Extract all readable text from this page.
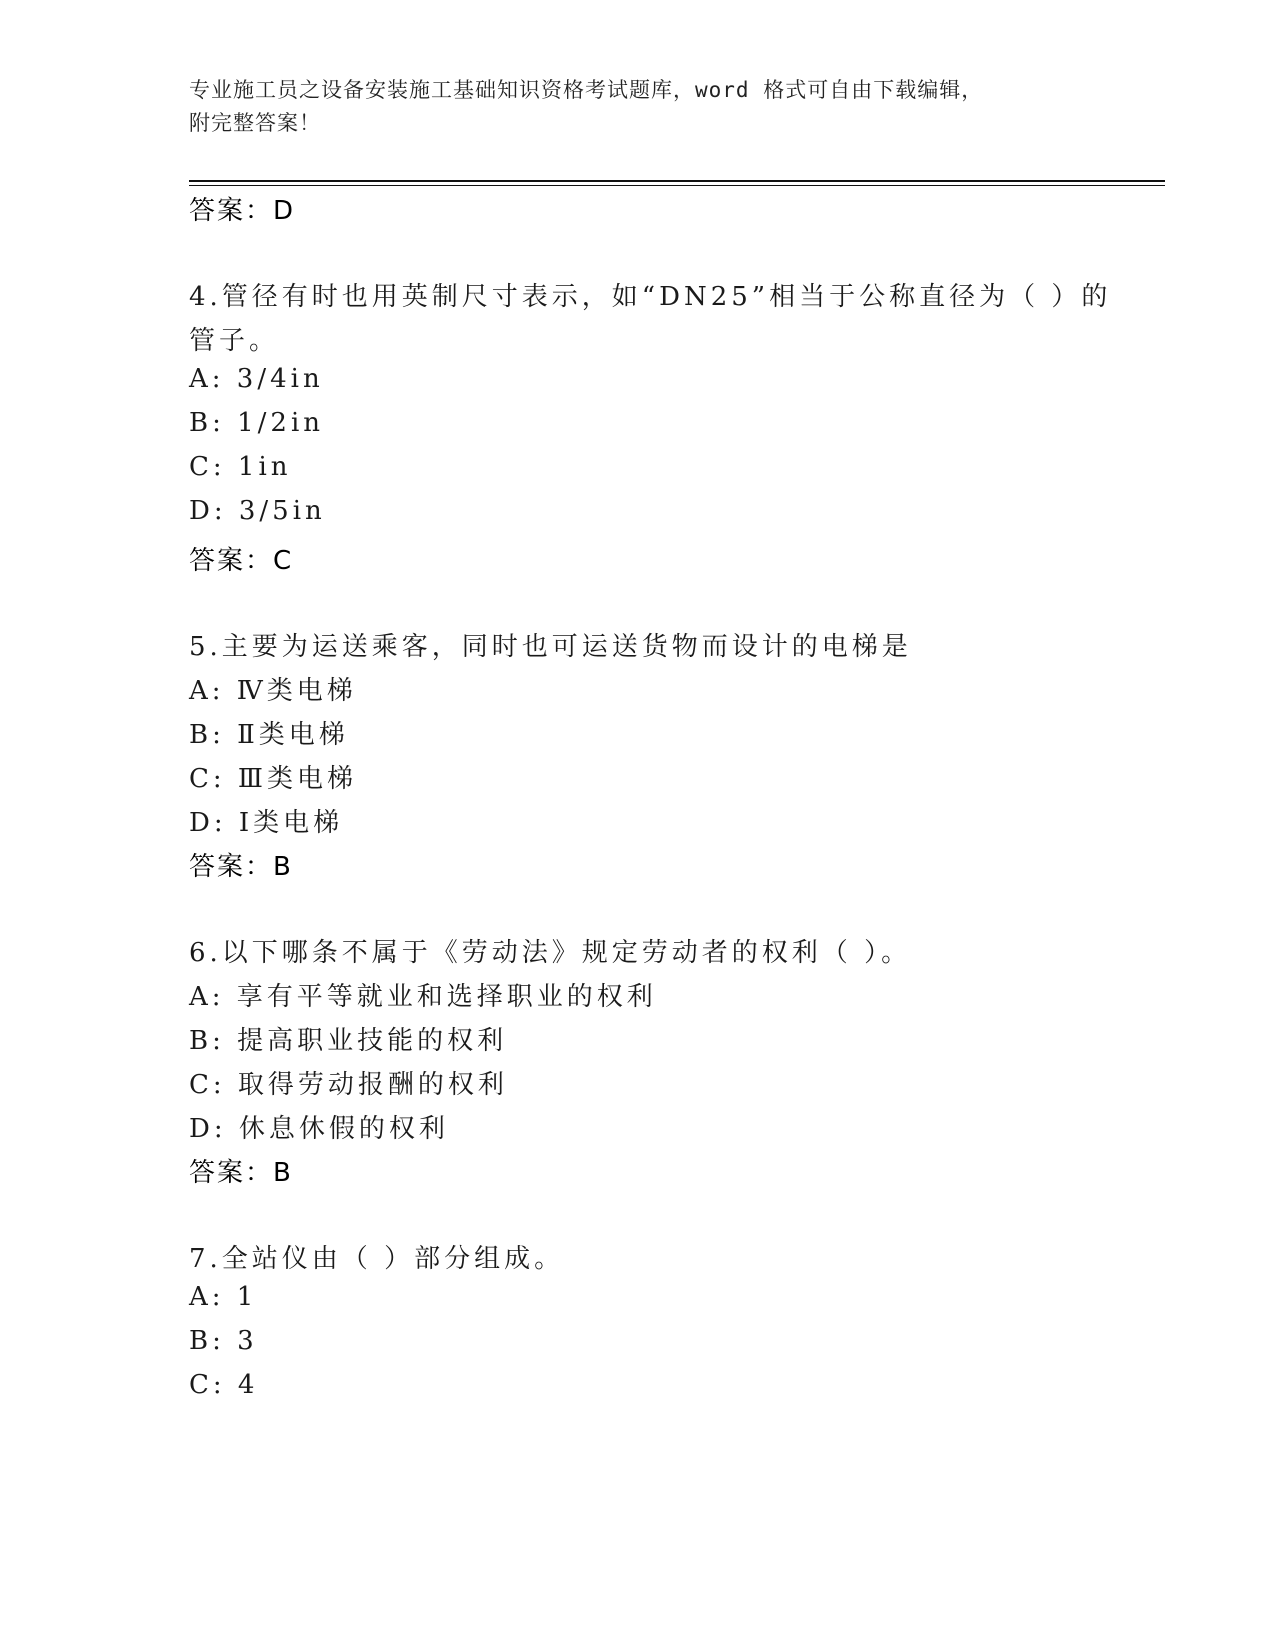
专业施工员之设备安装施工基础知识资格考试题库，word 格式可自由下载编辑，
附完整答案！
答案：D
4.管径有时也用英制尺寸表示，如“DN25”相当于公称直径为（ ）的
管子。
A: 3/4in
B: 1/2in
C: 1in
D: 3/5in
答案：C
5.主要为运送乘客，同时也可运送货物而设计的电梯是
A: Ⅳ类电梯
B: Ⅱ类电梯
C: Ⅲ类电梯
D: Ⅰ类电梯
答案：B
6.以下哪条不属于《劳动法》规定劳动者的权利（ ）。
A: 享有平等就业和选择职业的权利
B: 提高职业技能的权利
C: 取得劳动报酬的权利
D: 休息休假的权利
答案：B
7.全站仪由（ ）部分组成。
A: 1
B: 3
C: 4
